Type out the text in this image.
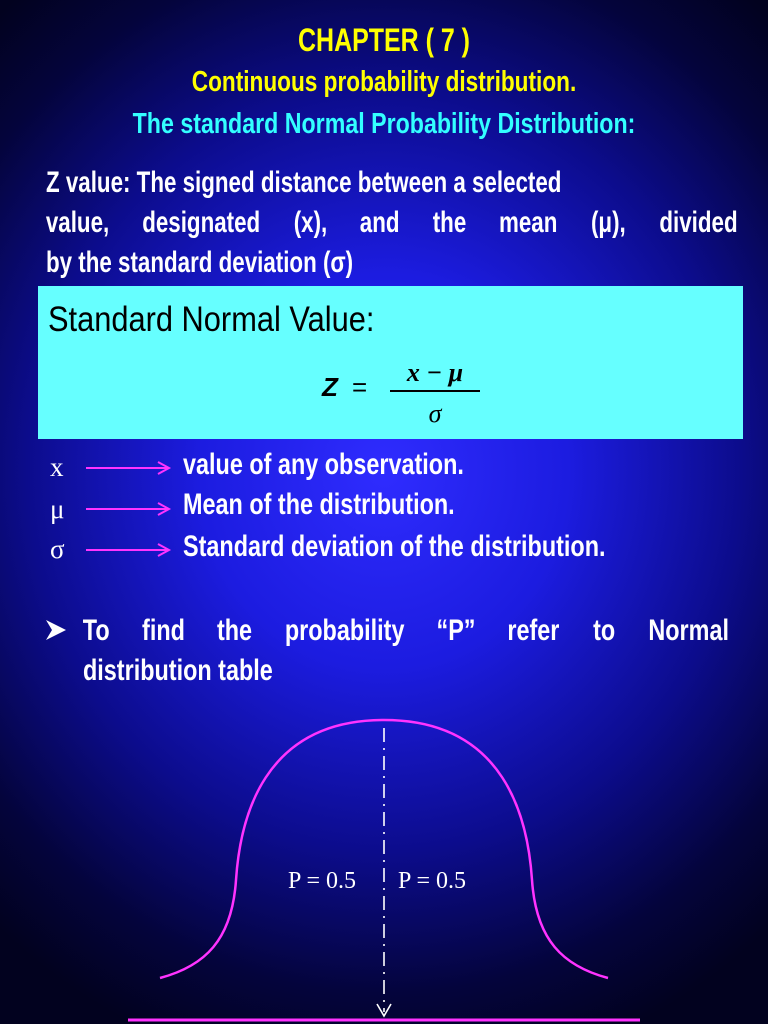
CHAPTER ( 7 )
Continuous probability distribution.
The standard Normal Probability Distribution:
Z value: The signed distance between a selected
value, designated (x), and the mean (μ), divided
by the standard deviation (σ)
Standard Normal Value:
Z =	x − μ
σ
x	value of any observation.
μ	Mean of the distribution.
σ	Standard deviation of the distribution.
To find the probability “P” refer to Normal
distribution table
P = 0.5 P = 0.5
